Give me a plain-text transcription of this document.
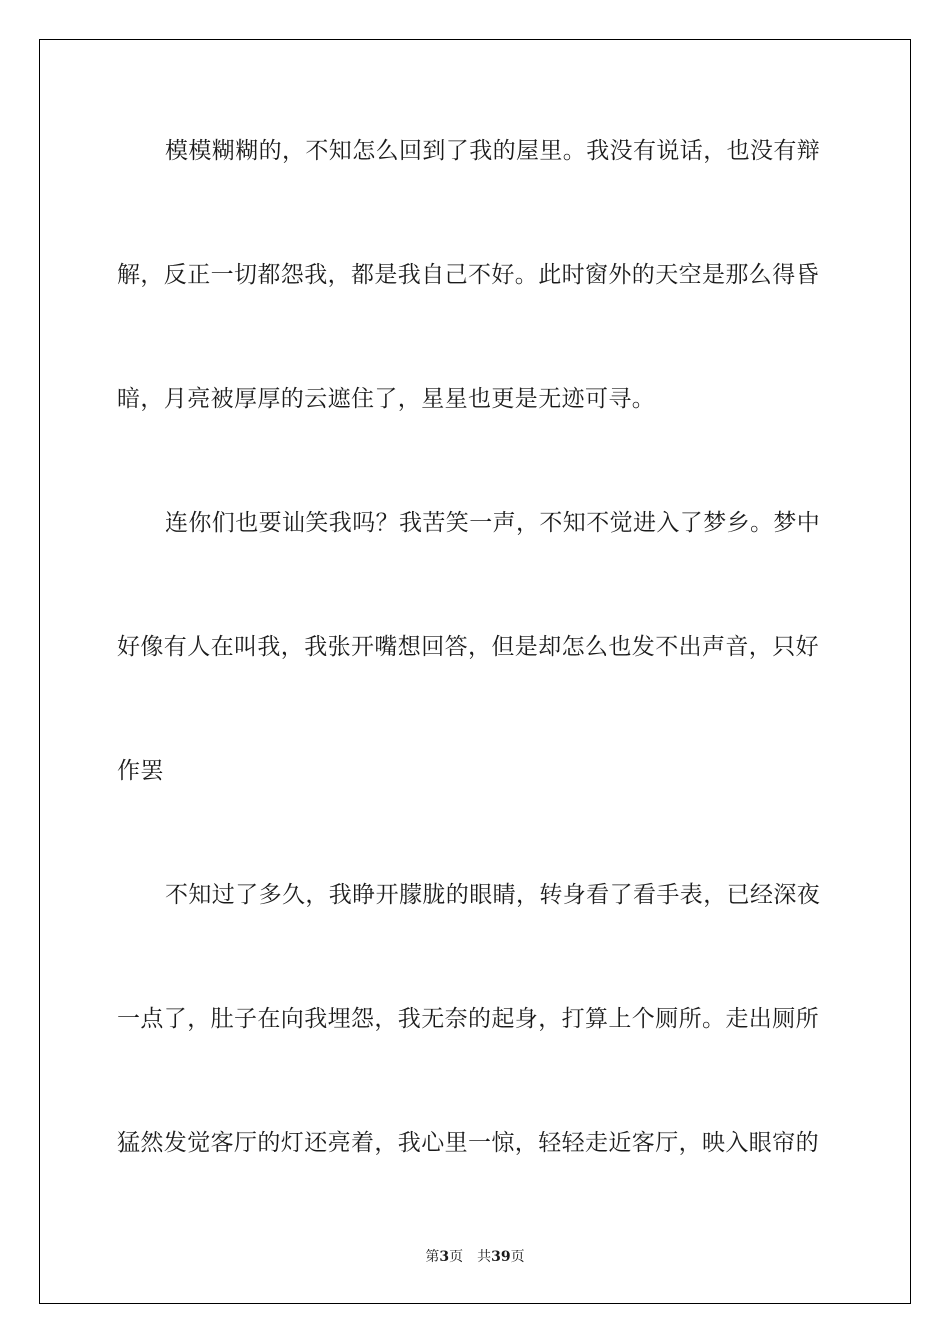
模模糊糊的，不知怎么回到了我的屋里。我没有说话，也没有辩
解，反正一切都怨我，都是我自己不好。此时窗外的天空是那么得昏
暗，月亮被厚厚的云遮住了，星星也更是无迹可寻。
连你们也要讪笑我吗？我苦笑一声，不知不觉进入了梦乡。梦中
好像有人在叫我，我张开嘴想回答，但是却怎么也发不出声音，只好
作罢
不知过了多久，我睁开朦胧的眼睛，转身看了看手表，已经深夜
一点了，肚子在向我埋怨，我无奈的起身，打算上个厕所。走出厕所
猛然发觉客厅的灯还亮着，我心里一惊，轻轻走近客厅，映入眼帘的
第3页 共39页
